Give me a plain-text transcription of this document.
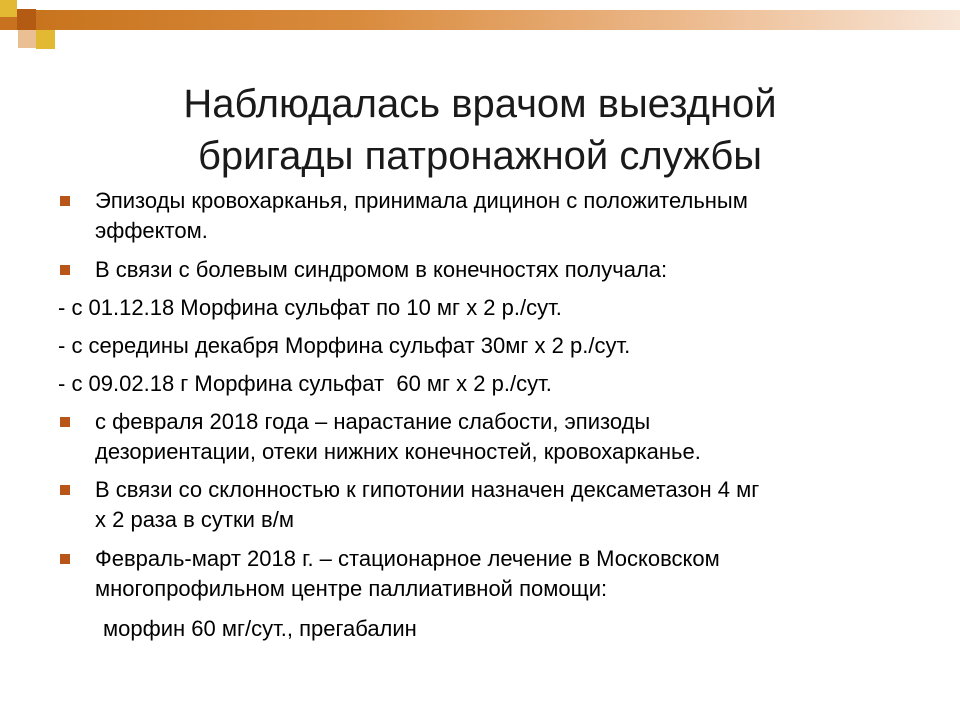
Наблюдалась врачом выездной
бригады патронажной службы
Эпизоды кровохарканья, принимала дицинон с положительным
эффектом.
В связи с болевым синдромом в конечностях получала:
- с 01.12.18 Морфина сульфат по 10 мг х 2 р./сут.
- с середины декабря Морфина сульфат 30мг х 2 р./сут.
- с 09.02.18 г Морфина сульфат  60 мг х 2 р./сут.
с февраля 2018 года – нарастание слабости, эпизоды
дезориентации, отеки нижних конечностей, кровохарканье.
В связи со склонностью к гипотонии назначен дексаметазон 4 мг
х 2 раза в сутки в/м
Февраль-март 2018 г. – стационарное лечение в Московском
многопрофильном центре паллиативной помощи:
морфин 60 мг/сут., прегабалин
